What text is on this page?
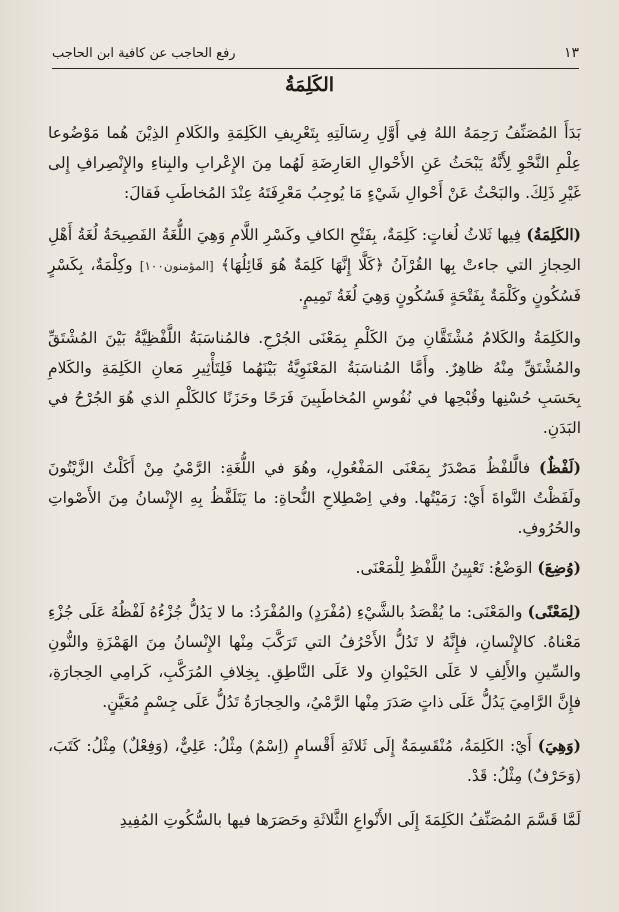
١٣
رفع الحاجب عن كافية ابن الحاجب
الكَلِمَةُ

بَدَأَ المُصَنِّفُ رَحِمَهُ اللهُ فِي أَوَّلِ رِسَالَتِهِ بِتَعْرِيفِ الكَلِمَةِ والكَلامِ الذِيْنَ هُما مَوْضُوعا عِلْمِ النَّحْوِ لِأَنَّهُ يَبْحَثُ عَنِ الأَحْوالِ العَارِضَةِ لَهُما مِنَ الإِعْرابِ والبِناءِ والإِنْصِرافِ إِلى غَيْرِ ذَلِكَ. والبَحْثُ عَنْ أَحْوالِ شَيْءٍ مَا يُوجِبُ مَعْرِفَتَهُ عِنْدَ المُخاطَبِ فَقالَ:

(الكَلِمَةُ) فِيها ثَلاثُ لُغاتٍ: كَلِمَةٌ، بِفَتْحِ الكافِ وكَسْرِ اللَّامِ وَهِيَ اللُّغَةُ الفَصِيحَةُ لُغَةُ أَهْلِ الحِجازِ التي جاءتْ بِها القُرْآنُ ﴿كَلَّا إِنَّهَا كَلِمَةٌ هُوَ قَائِلُهَا﴾ [المؤمنون١٠٠] وكِلْمَةٌ، بِكَسْرٍ فَسُكُونٍ وكَلْمَةٌ بِفَتْحَةٍ فَسُكُونٍ وَهِيَ لُغَةُ تَمِيمٍ.

والكَلِمَةُ والكَلامُ مُشْتَقَّانِ مِنَ الكَلْمِ بِمَعْنَى الجُرْحِ. فالمُناسَبَةُ اللَّفْظِيَّةُ بَيْنَ المُشْتَقِّ والمُشْتَقِّ مِنْهُ ظاهِرٌ. وأَمَّا المُناسَبَةُ المَعْنَوِيَّةُ بَيْنَهُما فَلِتَأْثِيرِ مَعانِ الكَلِمَةِ والكَلامِ بِحَسَبِ حُسْنِها وقُبْحِها في نُفُوسِ المُخاطَبِينَ فَرَحًا وحَزَنًا كالكَلْمِ الذي هُوَ الجُرْحُ في البَدَنِ.

(لَفْظٌ) فالَّلفْظُ مَصْدَرٌ بِمَعْنَى المَفْعُولِ، وهُوَ في اللُّغَةِ: الرَّمْيُ مِنْ أَكَلْتُ الزَّيْتُونَ ولَفَظْتُ النَّواةَ أَيْ: رَمَيْتُها. وفي اِصْطِلاحِ النُّحاةِ: ما يَتَلَفَّظُ بِهِ الإِنْسانُ مِنَ الأَصْواتِ والحُرُوفِ.

(وُضِعَ) الوَضْعُ: تَعْيِينُ اللَّفْظِ لِلْمَعْنَى.

(لِمَعْنًى) والمَعْنَى: ما يُقْصَدُ بالشَّيْءِ (مُفْرَدٍ) والمُفْرَدُ: ما لا يَدُلُّ جُزْءُهُ لَفْظُهُ عَلَى جُزْءِ مَعْناهُ. كالإِنْسانِ، فإِنَّهُ لا تَدُلُّ الأَحْرُفُ التي تَرَكَّبَ مِنْها الإِنْسانُ مِنَ الهَمْزَةِ والنُّونِ والسِّينِ والأَلِفِ لا عَلَى الحَيْوانِ ولا عَلَى النَّاطِقِ. بِخِلافِ المُرَكَّبِ، كَرامِي الحِجارَةِ، فإِنَّ الرَّامِيَ يَدُلُّ عَلَى ذاتٍ صَدَرَ مِنْها الرَّمْيُ، والحِجارَةُ تَدُلُّ عَلَى جِسْمٍ مُعَيَّنٍ.

(وَهِيَ) أَيْ: الكَلِمَةُ، مُنْقَسِمَةٌ إِلَى ثَلاثَةِ أَقْسامٍ (اِسْمٌ) مِثْلُ: عَلِيٌّ، (وَفِعْلٌ) مِثْلُ: كَتَبَ، (وَحَرْفٌ) مِثْلُ: قَدْ.

لَمَّا قَسَّمَ المُصَنِّفُ الكَلِمَةَ إِلَى الأَنْواعِ الثَّلاثَةِ وحَصَرَها فيها بالسُّكُوتِ المُفِيدِ
